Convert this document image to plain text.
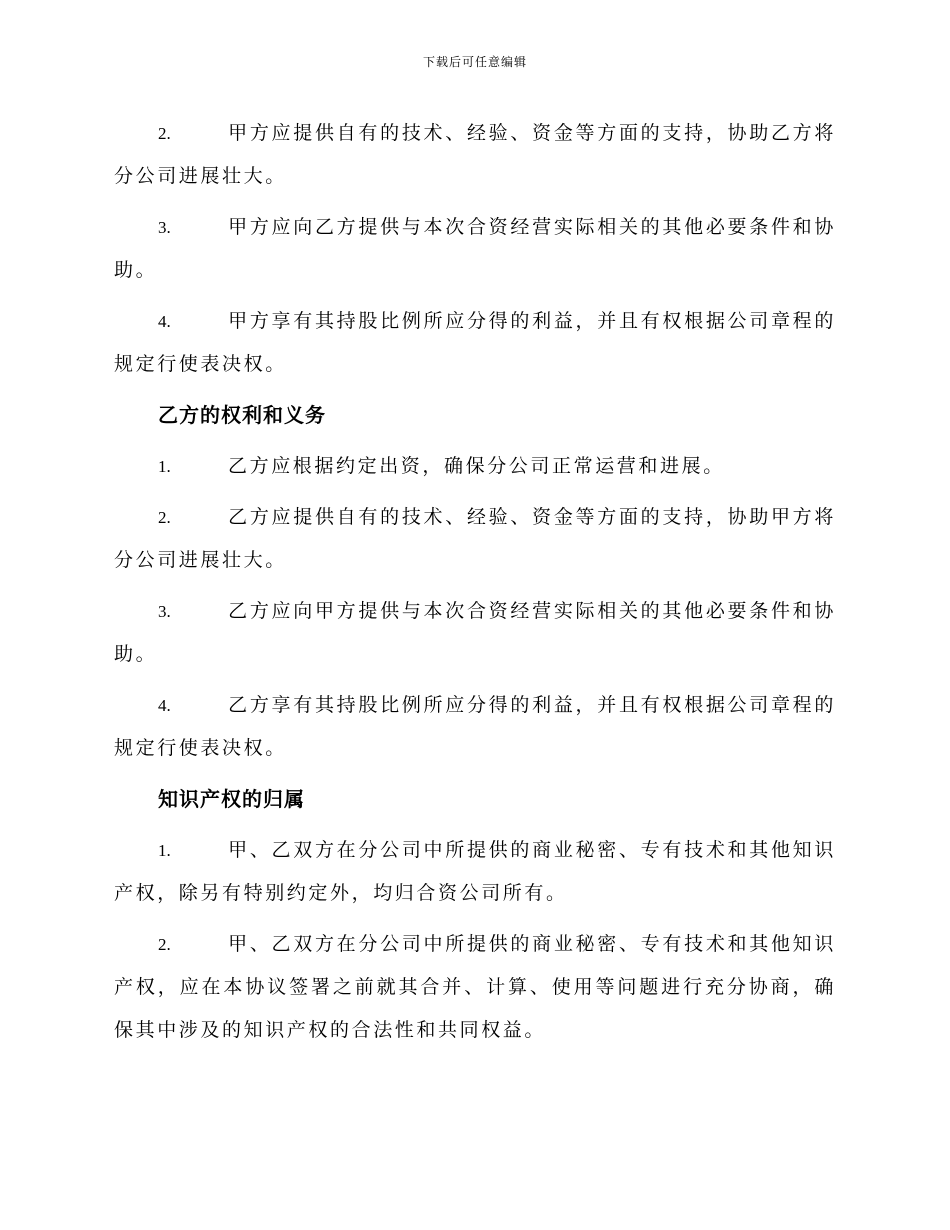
下载后可任意编辑

2.	甲方应提供自有的技术、经验、资金等方面的支持，协助乙方将分公司进展壮大。

3.	甲方应向乙方提供与本次合资经营实际相关的其他必要条件和协助。

4.	甲方享有其持股比例所应分得的利益，并且有权根据公司章程的规定行使表决权。

乙方的权利和义务

1.	乙方应根据约定出资，确保分公司正常运营和进展。

2.	乙方应提供自有的技术、经验、资金等方面的支持，协助甲方将分公司进展壮大。

3.	乙方应向甲方提供与本次合资经营实际相关的其他必要条件和协助。

4.	乙方享有其持股比例所应分得的利益，并且有权根据公司章程的规定行使表决权。

知识产权的归属

1.	甲、乙双方在分公司中所提供的商业秘密、专有技术和其他知识产权，除另有特别约定外，均归合资公司所有。

2.	甲、乙双方在分公司中所提供的商业秘密、专有技术和其他知识产权，应在本协议签署之前就其合并、计算、使用等问题进行充分协商，确保其中涉及的知识产权的合法性和共同权益。
